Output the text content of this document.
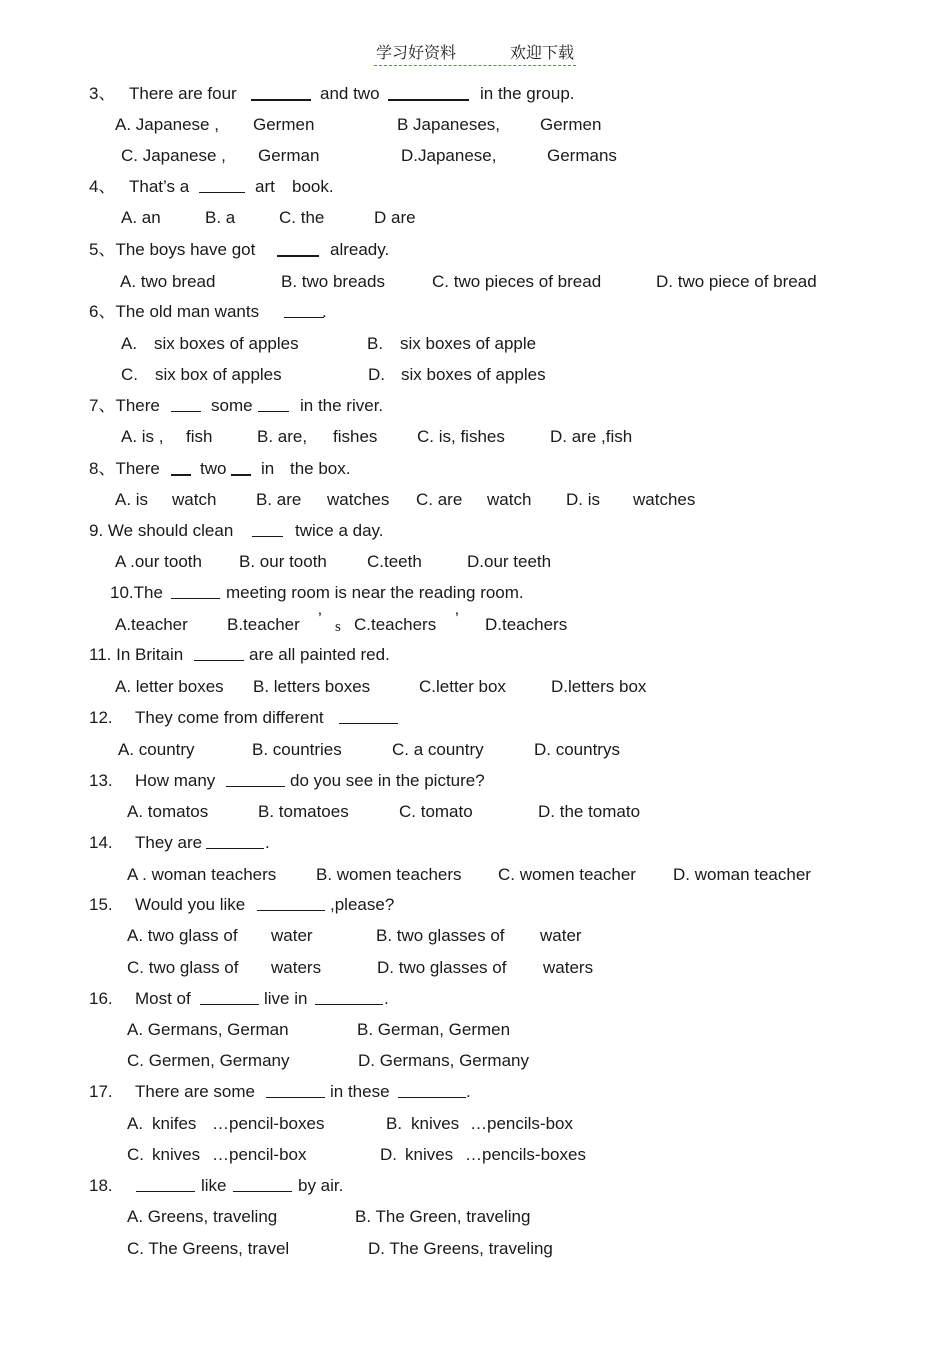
学习好资料	欢迎下载
3、 There are four	and two	in the group.
A. Japanese , Germen	B Japaneses, Germen
C. Japanese , German	D.Japanese,	Germans
4、 That’s a	art book.
A. an	B. a	C. the	D are
5、The boys have got	already.
A. two bread	B. two breads	C. two pieces of bread	D. two piece of bread
6、The old man wants	.
A. six boxes of apples	B. six boxes of apple
C. six box of apples	D. six boxes of apples
7、There	some	in the river.
A. is , fish	B. are, fishes C. is, fishes	D. are ,fish
8、There two in the box.
A. is watch B. are watches C. are watch D. is watches
9. We should clean	twice a day.
A .our tooth B. our tooth C.teeth	D.our teeth
10.The	meeting room is near the reading room.
A.teacher B.teacher ’ s C.teachers ’ D.teachers
11. In Britain	are all painted red.
A. letter boxes B. letters boxes	C.letter box	D.letters box
12. They come from different
A. country	B. countries	C. a country	D. countrys
13. How many	do you see in the picture?
A. tomatos	B. tomatoes	C. tomato	D. the tomato
14. They are	.
A . woman teachers B. women teachers C. women teacher D. woman teacher
15. Would you like	,please?
A. two glass of water	B. two glasses of water
C. two glass of waters	D. two glasses of waters
16. Most of	live in	.
A. Germans, German	B. German, Germen
C. Germen, Germany	D. Germans, Germany
17. There are some	in these	.
A. knifes …pencil-boxes	B. knives …pencils-box
C. knives …pencil-box	D. knives …pencils-boxes
18.	like	by air.
A. Greens, traveling	B. The Green, traveling
C. The Greens, travel	D. The Greens, traveling
